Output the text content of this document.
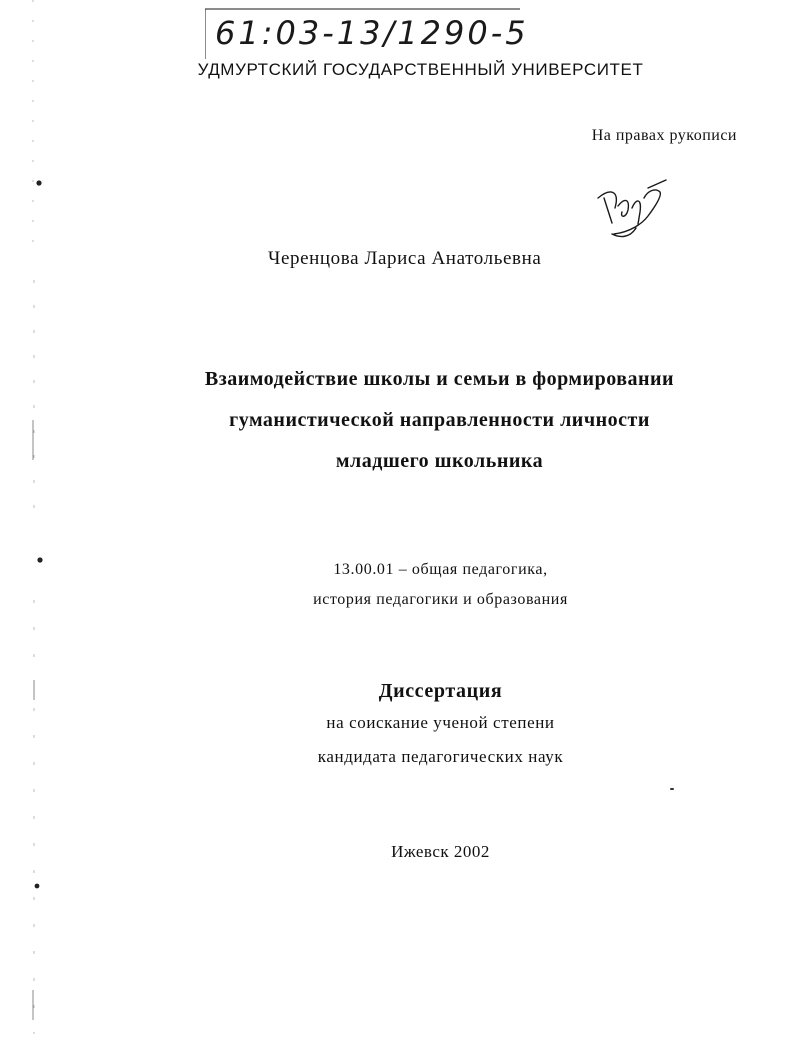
61:03-13/1290-5
УДМУРТСКИЙ ГОСУДАРСТВЕННЫЙ УНИВЕРСИТЕТ
На правах рукописи
Черенцова Лариса Анатольевна
Взаимодействие школы и семьи в формировании
гуманистической направленности личности
младшего школьника
13.00.01 – общая педагогика,
история педагогики и образования
Диссертация
на соискание ученой степени
кандидата педагогических наук
Ижевск 2002
